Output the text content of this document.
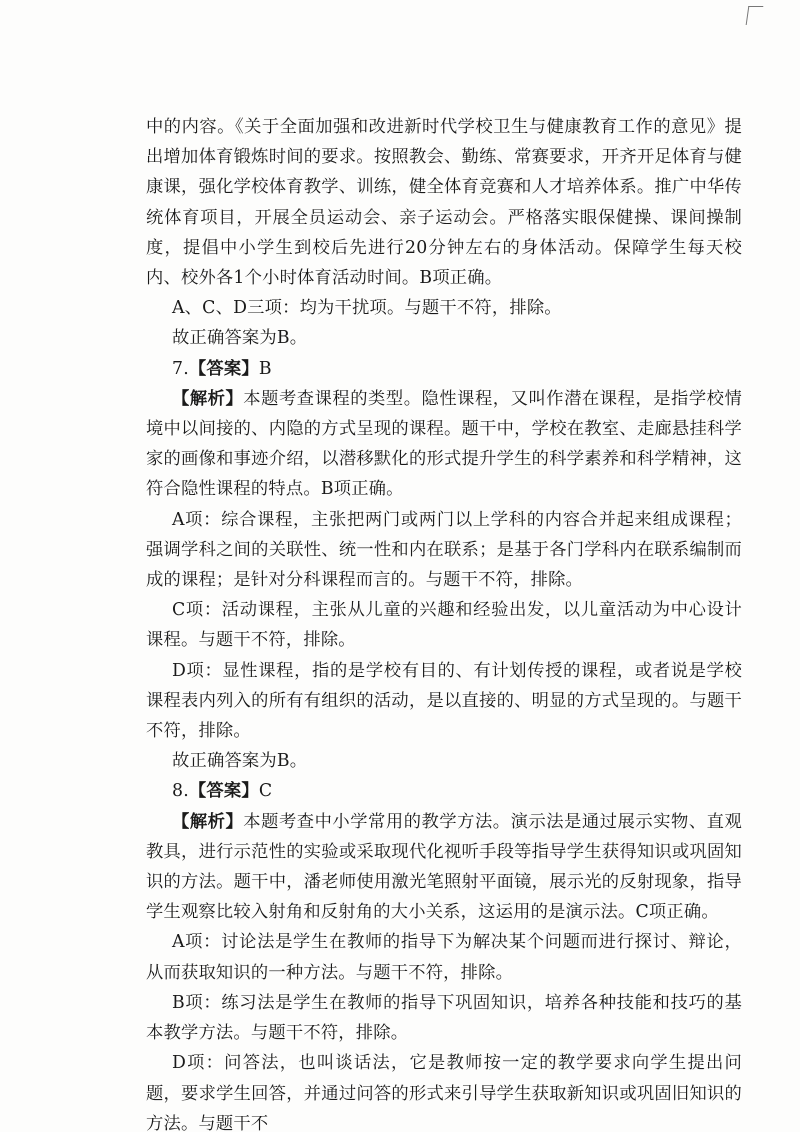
中的内容。《关于全面加强和改进新时代学校卫生与健康教育工作的意见》提出增加体育锻炼时间的要求。按照教会、勤练、常赛要求，开齐开足体育与健康课，强化学校体育教学、训练，健全体育竞赛和人才培养体系。推广中华传统体育项目，开展全员运动会、亲子运动会。严格落实眼保健操、课间操制度，提倡中小学生到校后先进行20分钟左右的身体活动。保障学生每天校内、校外各1个小时体育活动时间。B项正确。

A、C、D三项：均为干扰项。与题干不符，排除。

故正确答案为B。

7.【答案】B

【解析】本题考查课程的类型。隐性课程，又叫作潜在课程，是指学校情境中以间接的、内隐的方式呈现的课程。题干中，学校在教室、走廊悬挂科学家的画像和事迹介绍，以潜移默化的形式提升学生的科学素养和科学精神，这符合隐性课程的特点。B项正确。

A项：综合课程，主张把两门或两门以上学科的内容合并起来组成课程；强调学科之间的关联性、统一性和内在联系；是基于各门学科内在联系编制而成的课程；是针对分科课程而言的。与题干不符，排除。

C项：活动课程，主张从儿童的兴趣和经验出发，以儿童活动为中心设计课程。与题干不符，排除。

D项：显性课程，指的是学校有目的、有计划传授的课程，或者说是学校课程表内列入的所有有组织的活动，是以直接的、明显的方式呈现的。与题干不符，排除。

故正确答案为B。

8.【答案】C

【解析】本题考查中小学常用的教学方法。演示法是通过展示实物、直观教具，进行示范性的实验或采取现代化视听手段等指导学生获得知识或巩固知识的方法。题干中，潘老师使用激光笔照射平面镜，展示光的反射现象，指导学生观察比较入射角和反射角的大小关系，这运用的是演示法。C项正确。

A项：讨论法是学生在教师的指导下为解决某个问题而进行探讨、辩论，从而获取知识的一种方法。与题干不符，排除。

B项：练习法是学生在教师的指导下巩固知识，培养各种技能和技巧的基本教学方法。与题干不符，排除。

D项：问答法，也叫谈话法，它是教师按一定的教学要求向学生提出问题，要求学生回答，并通过问答的形式来引导学生获取新知识或巩固旧知识的方法。与题干不
